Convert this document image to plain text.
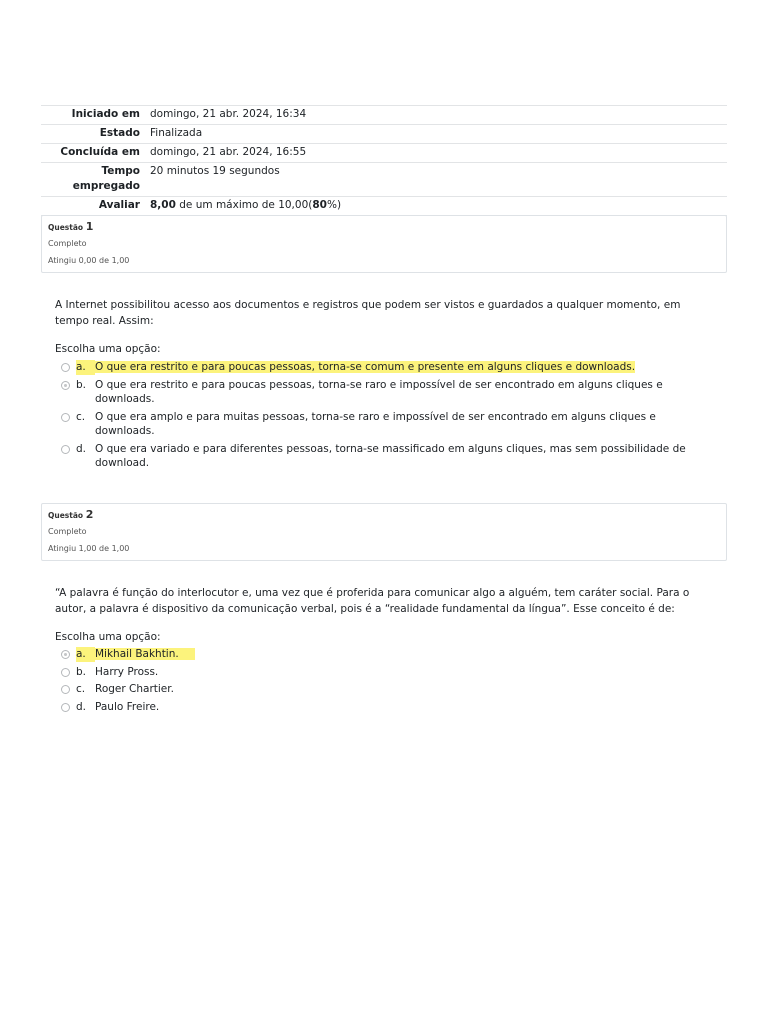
Iniciado em	domingo, 21 abr. 2024, 16:34
Estado	Finalizada
Concluída em	domingo, 21 abr. 2024, 16:55
Tempo
empregado	20 minutos 19 segundos
Avaliar	8,00 de um máximo de 10,00(80%)
Questão 1
Completo
Atingiu 0,00 de 1,00
A Internet possibilitou acesso aos documentos e registros que podem ser vistos e guardados a qualquer momento, em tempo real. Assim:
Escolha uma opção:
a. O que era restrito e para poucas pessoas, torna-se comum e presente em alguns cliques e downloads.
b. O que era restrito e para poucas pessoas, torna-se raro e impossível de ser encontrado em alguns cliques e downloads.
c. O que era amplo e para muitas pessoas, torna-se raro e impossível de ser encontrado em alguns cliques e downloads.
d. O que era variado e para diferentes pessoas, torna-se massificado em alguns cliques, mas sem possibilidade de download.
Questão 2
Completo
Atingiu 1,00 de 1,00
“A palavra é função do interlocutor e, uma vez que é proferida para comunicar algo a alguém, tem caráter social. Para o autor, a palavra é dispositivo da comunicação verbal, pois é a “realidade fundamental da língua”. Esse conceito é de:
Escolha uma opção:
a. Mikhail Bakhtin.
b. Harry Pross.
c. Roger Chartier.
d. Paulo Freire.
